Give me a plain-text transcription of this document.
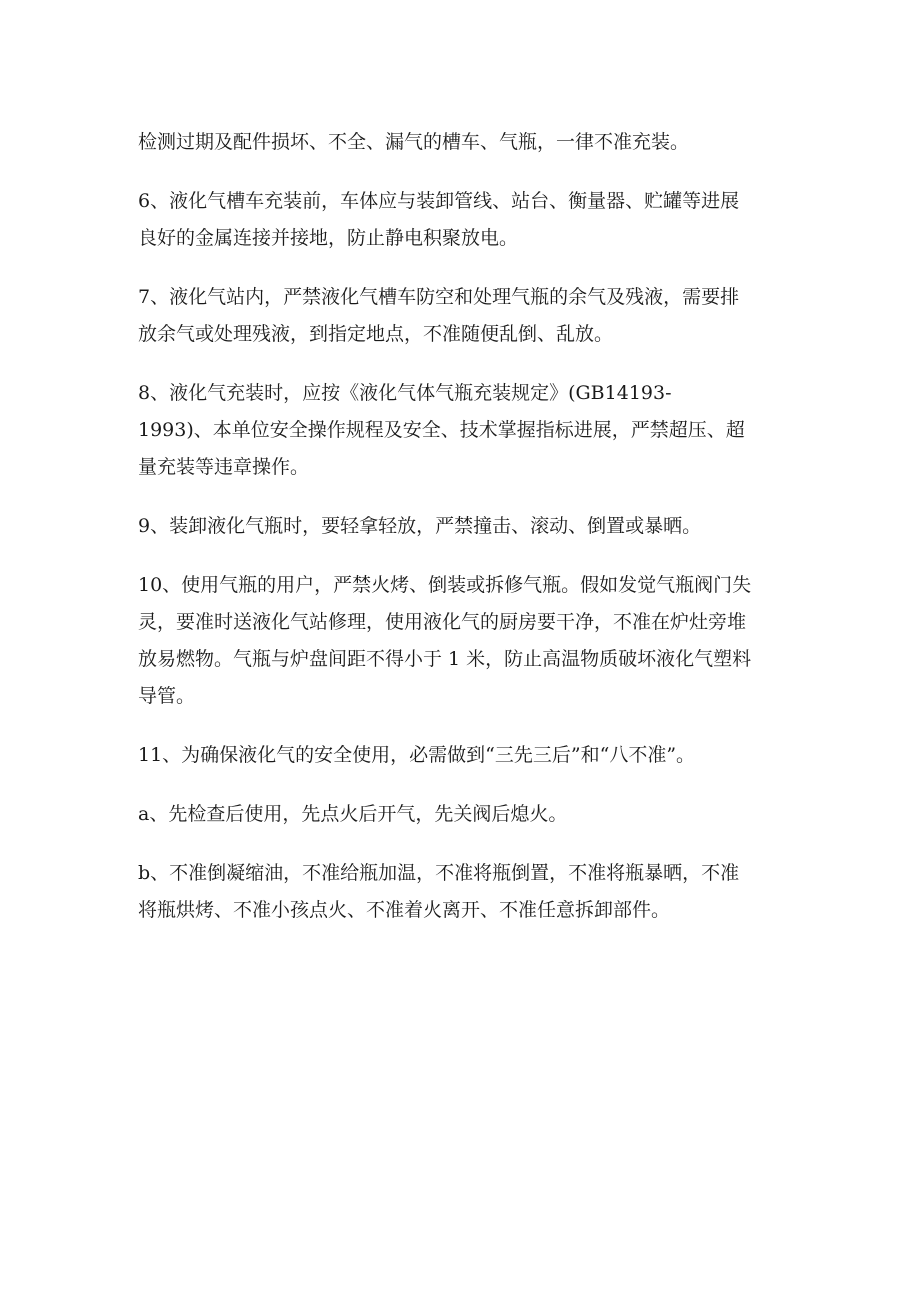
检测过期及配件损坏、不全、漏气的槽车、气瓶，一律不准充装。

6、液化气槽车充装前，车体应与装卸管线、站台、衡量器、贮罐等进展
良好的金属连接并接地，防止静电积聚放电。

7、液化气站内，严禁液化气槽车防空和处理气瓶的余气及残液，需要排
放余气或处理残液，到指定地点，不准随便乱倒、乱放。

8、液化气充装时，应按《液化气体气瓶充装规定》(GB14193-
1993)、本单位安全操作规程及安全、技术掌握指标进展，严禁超压、超
量充装等违章操作。

9、装卸液化气瓶时，要轻拿轻放，严禁撞击、滚动、倒置或暴晒。

10、使用气瓶的用户，严禁火烤、倒装或拆修气瓶。假如发觉气瓶阀门失
灵，要准时送液化气站修理，使用液化气的厨房要干净，不准在炉灶旁堆
放易燃物。气瓶与炉盘间距不得小于 1 米，防止高温物质破坏液化气塑料
导管。

11、为确保液化气的安全使用，必需做到“三先三后”和“八不准”。

a、先检查后使用，先点火后开气，先关阀后熄火。

b、不准倒凝缩油，不准给瓶加温，不准将瓶倒置，不准将瓶暴晒，不准
将瓶烘烤、不准小孩点火、不准着火离开、不准任意拆卸部件。
